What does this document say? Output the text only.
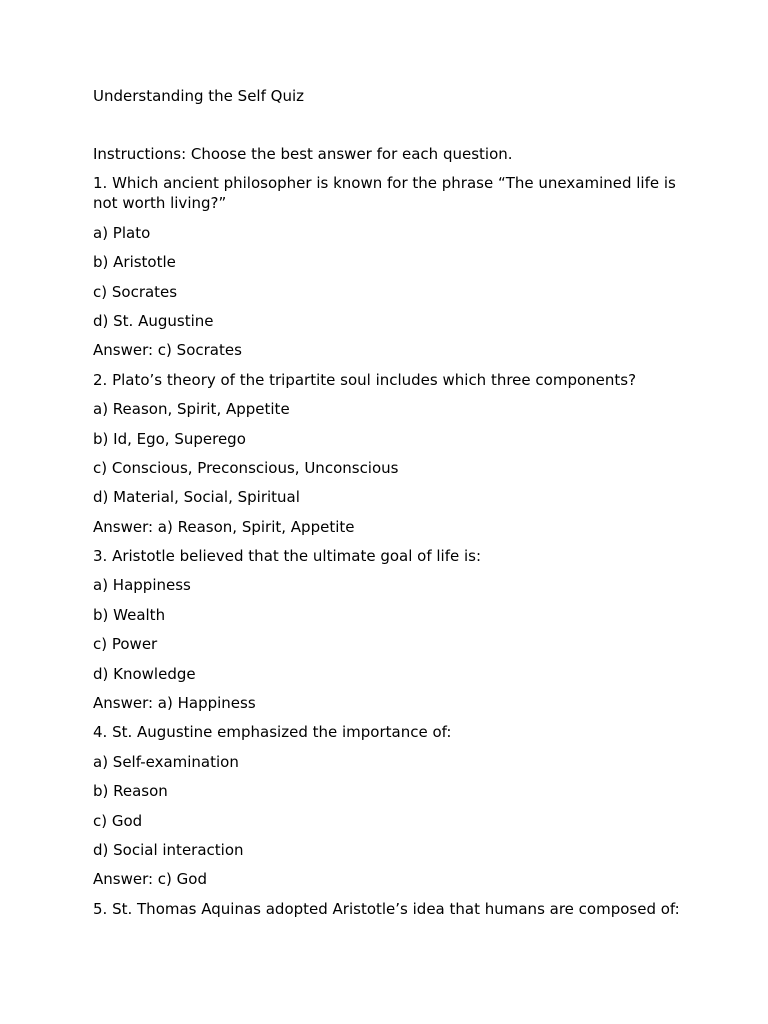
Understanding the Self Quiz
Instructions: Choose the best answer for each question.
1. Which ancient philosopher is known for the phrase “The unexamined life is not worth living?”
a) Plato
b) Aristotle
c) Socrates
d) St. Augustine
Answer: c) Socrates
2. Plato’s theory of the tripartite soul includes which three components?
a) Reason, Spirit, Appetite
b) Id, Ego, Superego
c) Conscious, Preconscious, Unconscious
d) Material, Social, Spiritual
Answer: a) Reason, Spirit, Appetite
3. Aristotle believed that the ultimate goal of life is:
a) Happiness
b) Wealth
c) Power
d) Knowledge
Answer: a) Happiness
4. St. Augustine emphasized the importance of:
a) Self-examination
b) Reason
c) God
d) Social interaction
Answer: c) God
5. St. Thomas Aquinas adopted Aristotle’s idea that humans are composed of:
